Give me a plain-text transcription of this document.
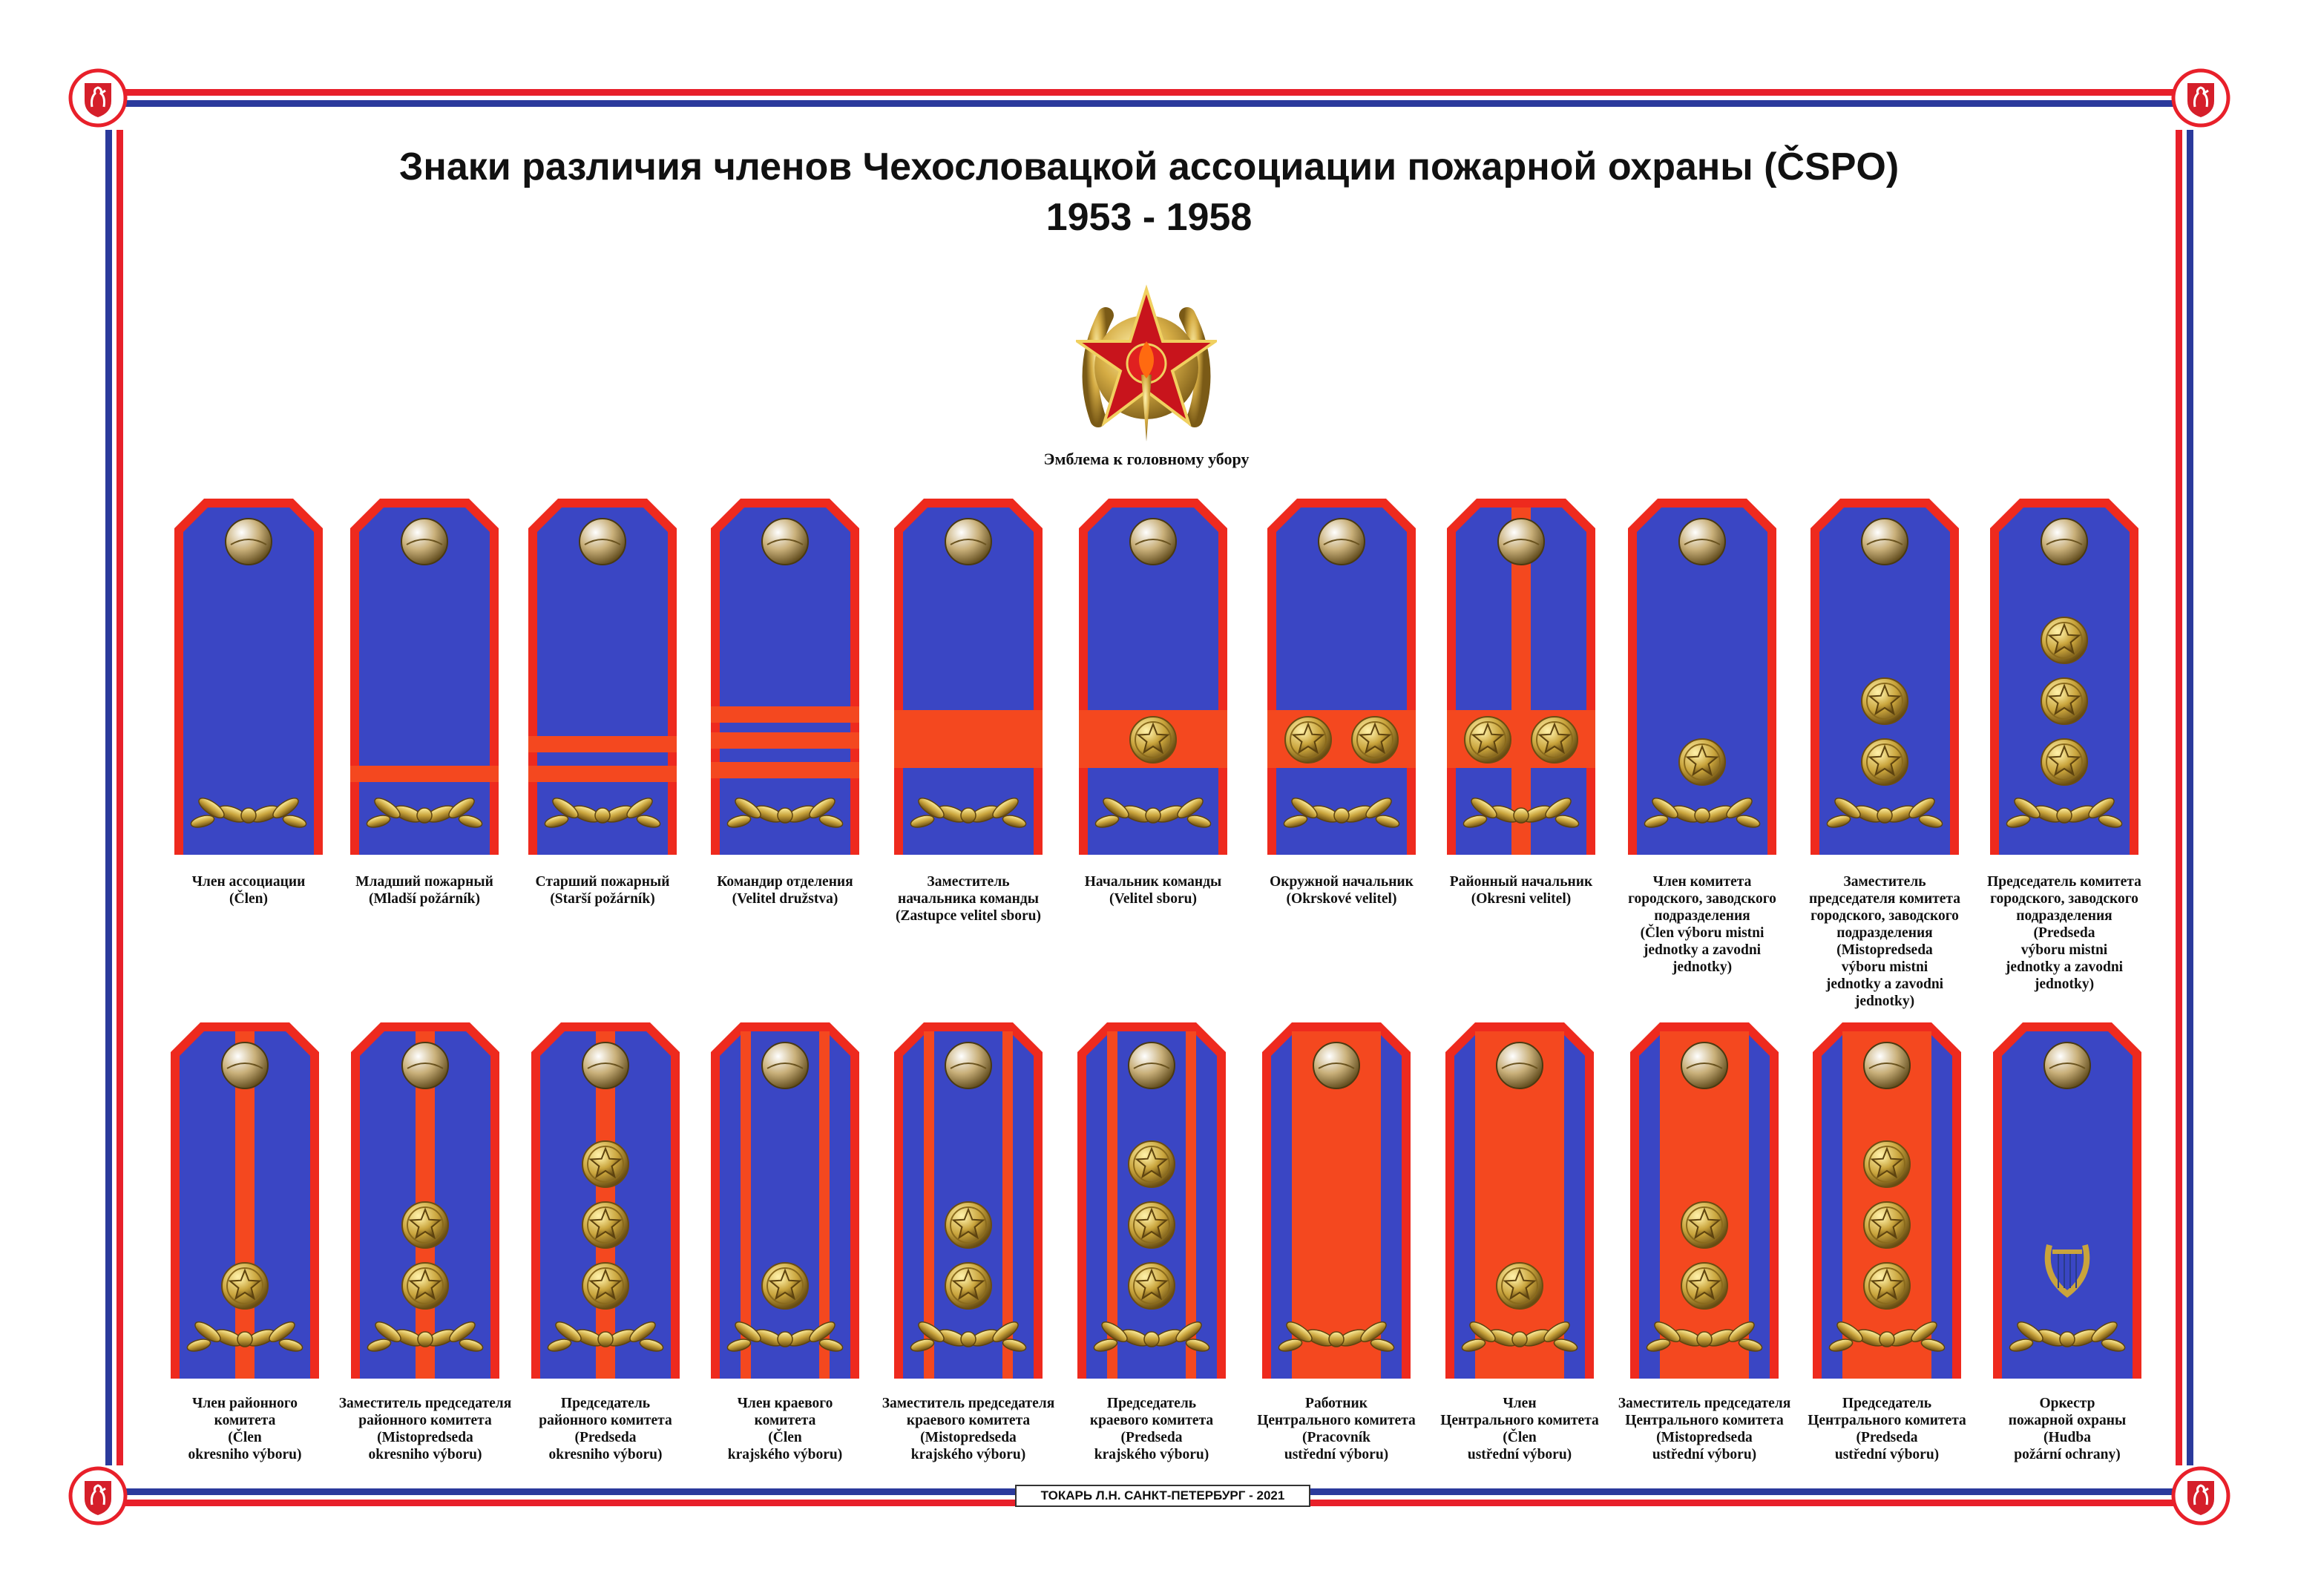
Знаки различия членов Чехословацкой ассоциации пожарной охраны (ČSPO)
1953 - 1958
Эмблема к головному убору
Член ассоциации
(Člen)
Младший пожарный
(Mladší požárník)
Старший пожарный
(Starší požárník)
Командир отделения
(Velitel družstva)
Заместитель
начальника команды
(Zastupce velitel sboru)
Начальник команды
(Velitel sboru)
Окружной начальник
(Okrskové velitel)
Районный начальник
(Okresni velitel)
Член комитета
городского, заводского
подразделения
(Člen výboru mistni
jednotky a zavodni
jednotky)
Заместитель
председателя комитета
городского, заводского
подразделения
(Mistopredseda
výboru mistni
jednotky a zavodni
jednotky)
Председатель комитета
городского, заводского
подразделения
(Predseda
výboru mistni
jednotky a zavodni
jednotky)
Член районного
комитета
(Člen
okresniho výboru)
Заместитель председателя
районного комитета
(Mistopredseda
okresniho výboru)
Председатель
районного комитета
(Predseda
okresniho výboru)
Член краевого
комитета
(Člen
krajského výboru)
Заместитель председателя
краевого комитета
(Mistopredseda
krajského výboru)
Председатель
краевого комитета
(Predseda
krajského výboru)
Работник
Центрального комитета
(Pracovník
ustřední výboru)
Член
Центрального комитета
(Člen
ustřední výboru)
Заместитель председателя
Центрального комитета
(Mistopredseda
ustřední výboru)
Председатель
Центрального комитета
(Predseda
ustřední výboru)
Оркестр
пожарной охраны
(Hudba
požární ochrany)
ТОКАРЬ Л.Н. САНКТ-ПЕТЕРБУРГ - 2021
